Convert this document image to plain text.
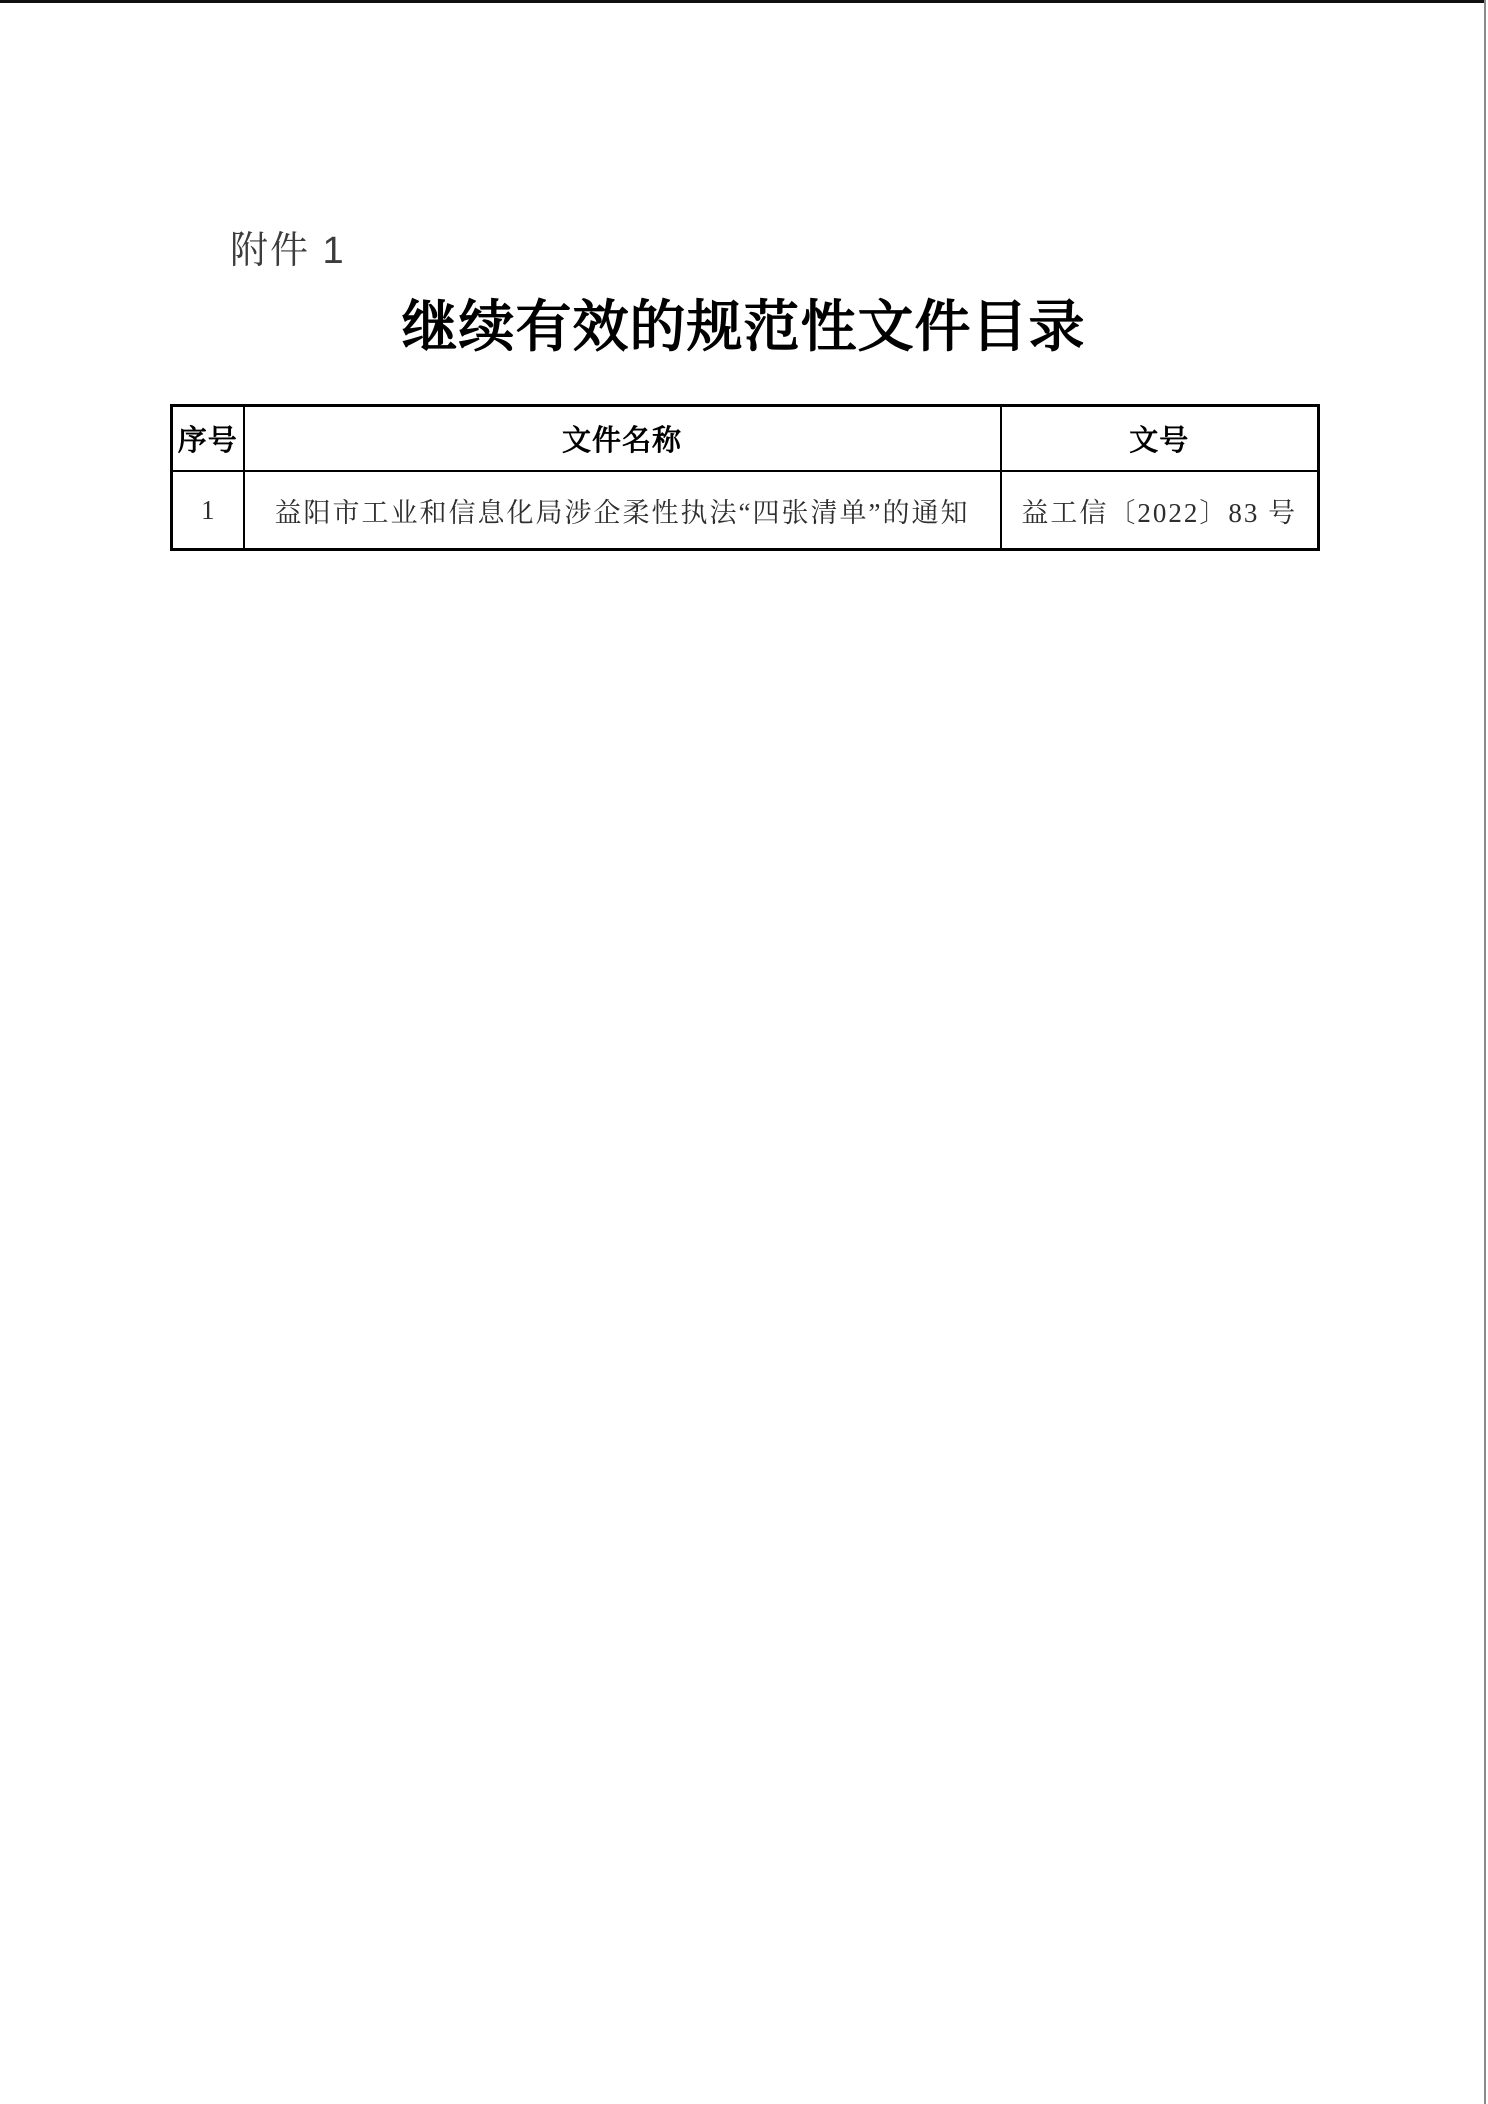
附件 1
继续有效的规范性文件目录
序号	文件名称	文号
1	益阳市工业和信息化局涉企柔性执法“四张清单”的通知	益工信〔2022〕83 号
